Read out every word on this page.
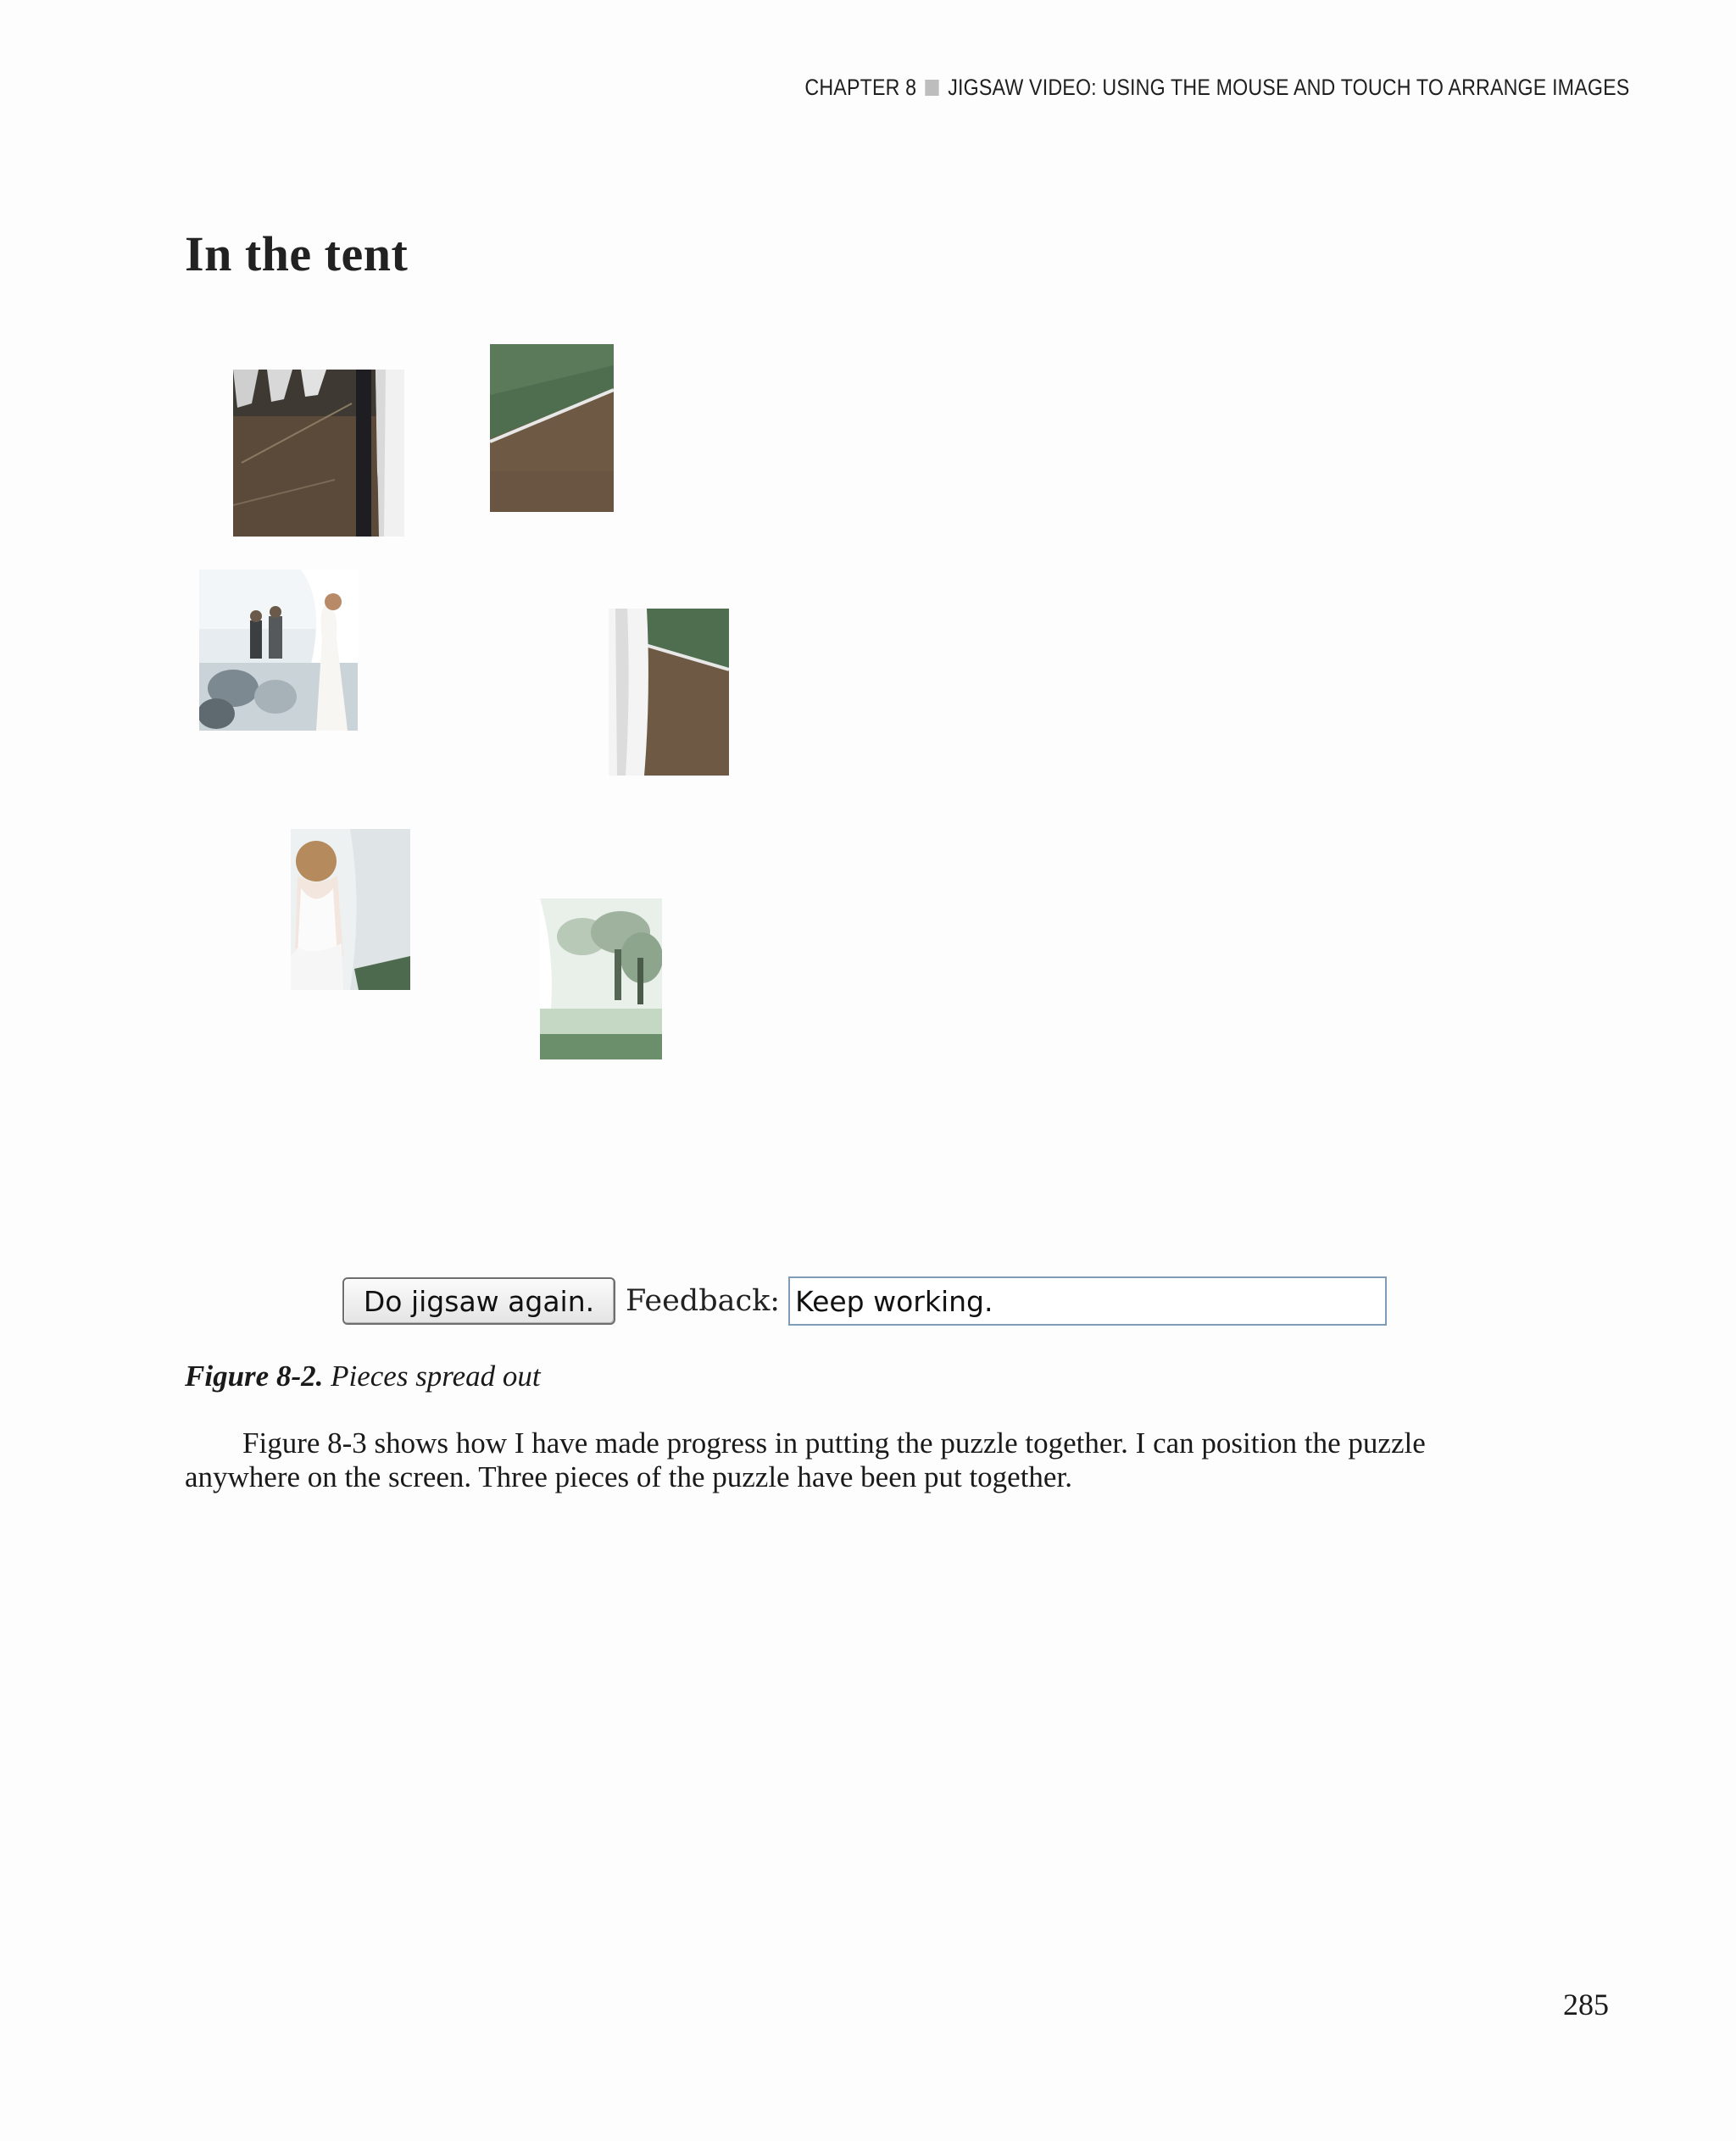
CHAPTER 8 JIGSAW VIDEO: USING THE MOUSE AND TOUCH TO ARRANGE IMAGES
In the tent
Do jigsaw again.	Feedback:
Keep working.
Figure 8-2. Pieces spread out

Figure 8-3 shows how I have made progress in putting the puzzle together. I can position the puzzle anywhere on the screen. Three pieces of the puzzle have been put together.

285
